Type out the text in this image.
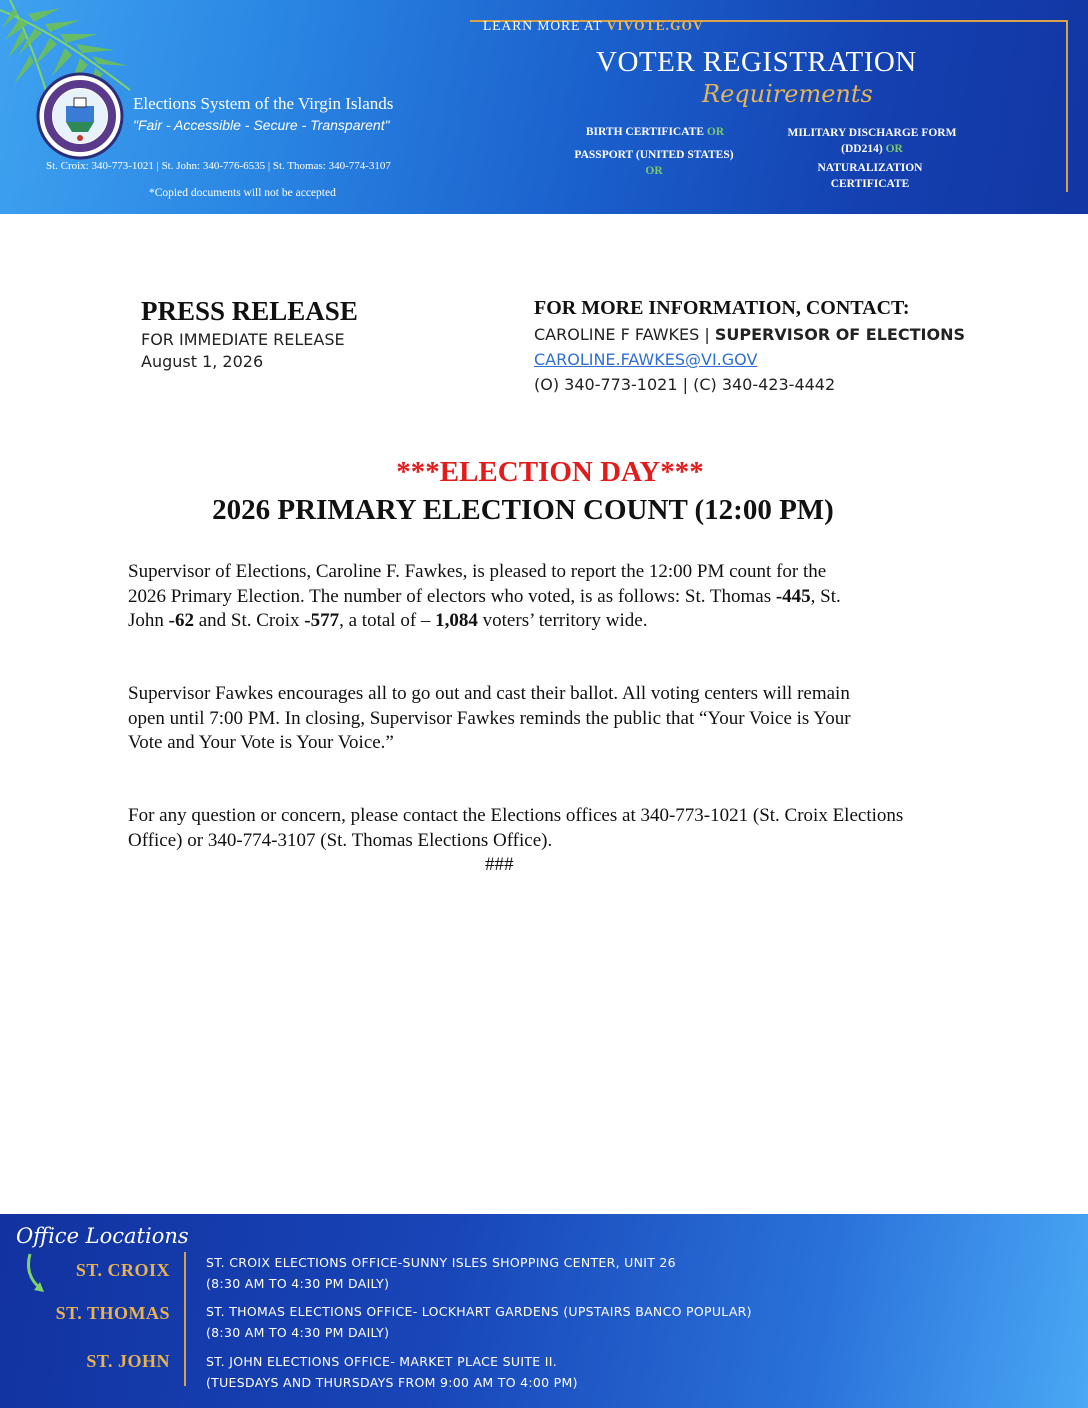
Elections System of the Virgin Islands
"Fair - Accessible - Secure - Transparent"
St. Croix: 340-773-1021 | St. John: 340-776-6535 | St. Thomas: 340-774-3107
*Copied documents will not be accepted
LEARN MORE AT VIVOTE.GOV
VOTER REGISTRATION
Requirements
BIRTH CERTIFICATE OR
PASSPORT (UNITED STATES) OR
MILITARY DISCHARGE FORM (DD214) OR
NATURALIZATION CERTIFICATE
PRESS RELEASE
FOR IMMEDIATE RELEASE
August 1, 2026
FOR MORE INFORMATION, CONTACT:
CAROLINE F FAWKES | SUPERVISOR OF ELECTIONS
CAROLINE.FAWKES@VI.GOV
(O) 340-773-1021 | (C) 340-423-4442
***ELECTION DAY***
2026 PRIMARY ELECTION COUNT (12:00 PM)
Supervisor of Elections, Caroline F. Fawkes, is pleased to report the 12:00 PM count for the 2026 Primary Election. The number of electors who voted, is as follows: St. Thomas -445, St. John -62 and St. Croix -577, a total of – 1,084 voters’ territory wide.
Supervisor Fawkes encourages all to go out and cast their ballot. All voting centers will remain open until 7:00 PM. In closing, Supervisor Fawkes reminds the public that “Your Voice is Your Vote and Your Vote is Your Voice.”
For any question or concern, please contact the Elections offices at 340-773-1021 (St. Croix Elections Office) or 340-774-3107 (St. Thomas Elections Office).
###
Office Locations
ST. CROIX
ST. THOMAS
ST. JOHN
ST. CROIX ELECTIONS OFFICE-SUNNY ISLES SHOPPING CENTER, UNIT 26
(8:30 AM TO 4:30 PM DAILY)
ST. THOMAS ELECTIONS OFFICE- LOCKHART GARDENS (UPSTAIRS BANCO POPULAR)
(8:30 AM TO 4:30 PM DAILY)
ST. JOHN ELECTIONS OFFICE- MARKET PLACE SUITE II.
(TUESDAYS AND THURSDAYS FROM 9:00 AM TO 4:00 PM)
